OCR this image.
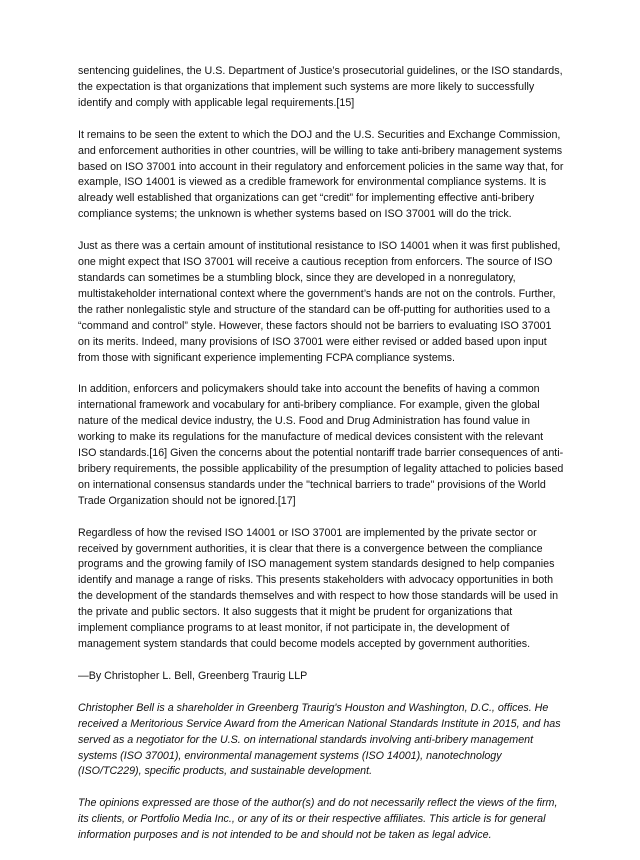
sentencing guidelines, the U.S. Department of Justice’s prosecutorial guidelines, or the ISO standards, the expectation is that organizations that implement such systems are more likely to successfully identify and comply with applicable legal requirements.[15]

It remains to be seen the extent to which the DOJ and the U.S. Securities and Exchange Commission, and enforcement authorities in other countries, will be willing to take anti-bribery management systems based on ISO 37001 into account in their regulatory and enforcement policies in the same way that, for example, ISO 14001 is viewed as a credible framework for environmental compliance systems. It is already well established that organizations can get “credit” for implementing effective anti-bribery compliance systems; the unknown is whether systems based on ISO 37001 will do the trick.

Just as there was a certain amount of institutional resistance to ISO 14001 when it was first published, one might expect that ISO 37001 will receive a cautious reception from enforcers. The source of ISO standards can sometimes be a stumbling block, since they are developed in a nonregulatory, multistakeholder international context where the government’s hands are not on the controls. Further, the rather nonlegalistic style and structure of the standard can be off-putting for authorities used to a “command and control” style. However, these factors should not be barriers to evaluating ISO 37001 on its merits. Indeed, many provisions of ISO 37001 were either revised or added based upon input from those with significant experience implementing FCPA compliance systems.

In addition, enforcers and policymakers should take into account the benefits of having a common international framework and vocabulary for anti-bribery compliance. For example, given the global nature of the medical device industry, the U.S. Food and Drug Administration has found value in working to make its regulations for the manufacture of medical devices consistent with the relevant ISO standards.[16] Given the concerns about the potential nontariff trade barrier consequences of anti-bribery requirements, the possible applicability of the presumption of legality attached to policies based on international consensus standards under the "technical barriers to trade" provisions of the World Trade Organization should not be ignored.[17]

Regardless of how the revised ISO 14001 or ISO 37001 are implemented by the private sector or received by government authorities, it is clear that there is a convergence between the compliance programs and the growing family of ISO management system standards designed to help companies identify and manage a range of risks. This presents stakeholders with advocacy opportunities in both the development of the standards themselves and with respect to how those standards will be used in the private and public sectors. It also suggests that it might be prudent for organizations that implement compliance programs to at least monitor, if not participate in, the development of management system standards that could become models accepted by government authorities.

—By Christopher L. Bell, Greenberg Traurig LLP

Christopher Bell is a shareholder in Greenberg Traurig's Houston and Washington, D.C., offices. He received a Meritorious Service Award from the American National Standards Institute in 2015, and has served as a negotiator for the U.S. on international standards involving anti-bribery management systems (ISO 37001), environmental management systems (ISO 14001), nanotechnology (ISO/TC229), specific products, and sustainable development.

The opinions expressed are those of the author(s) and do not necessarily reflect the views of the firm, its clients, or Portfolio Media Inc., or any of its or their respective affiliates. This article is for general information purposes and is not intended to be and should not be taken as legal advice.
